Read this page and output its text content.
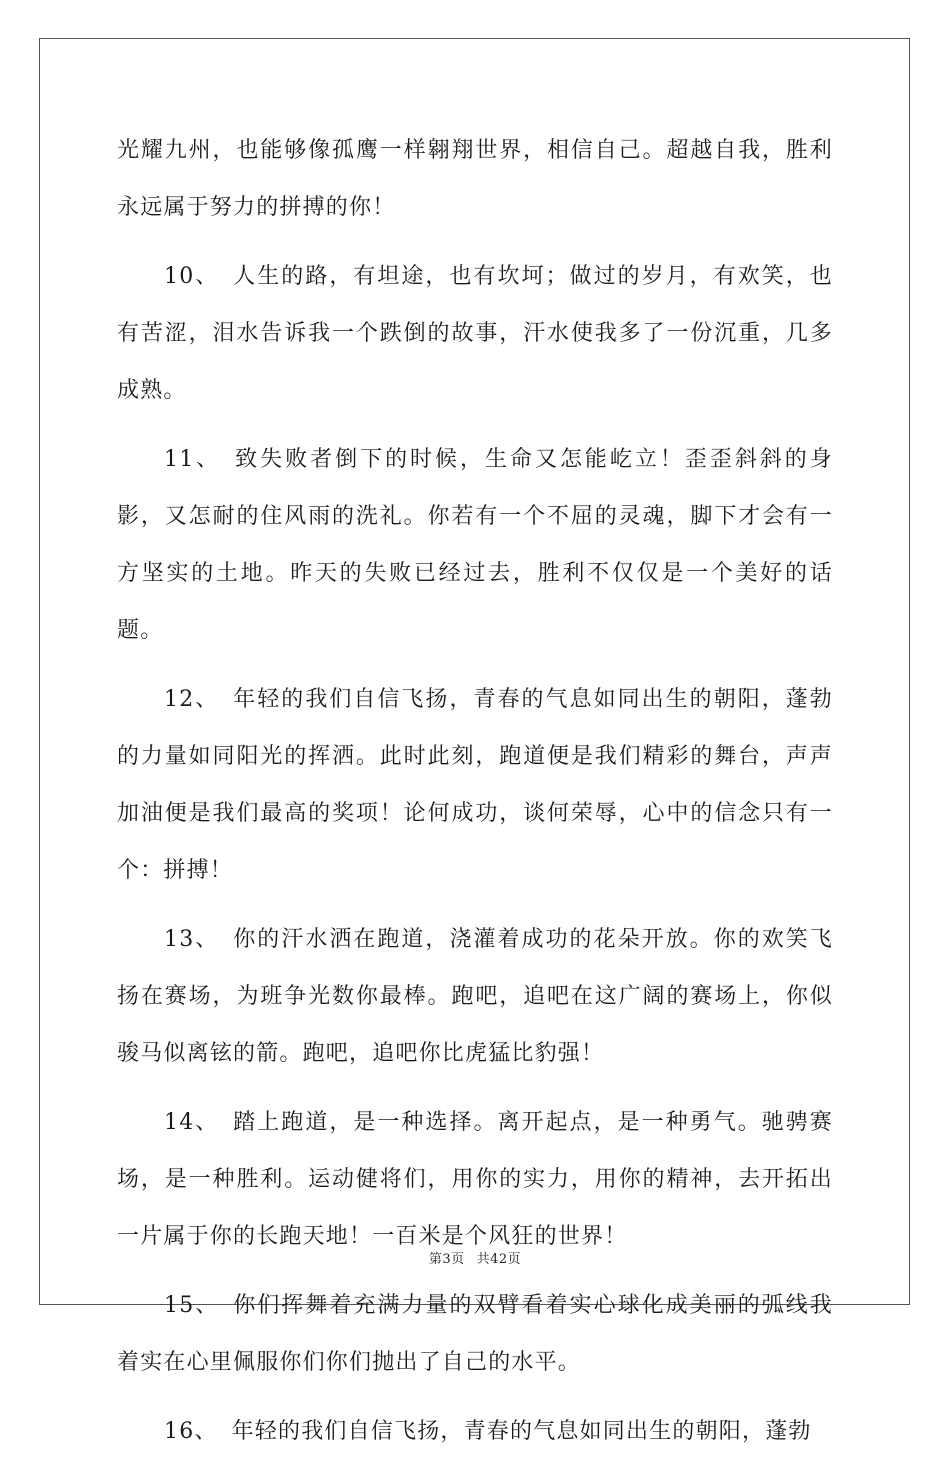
光耀九州，也能够像孤鹰一样翱翔世界，相信自己。超越自我，胜利永远属于努力的拼搏的你！

10、 人生的路，有坦途，也有坎坷；做过的岁月，有欢笑，也有苦涩，泪水告诉我一个跌倒的故事，汗水使我多了一份沉重，几多成熟。

11、 致失败者倒下的时候，生命又怎能屹立！歪歪斜斜的身影，又怎耐的住风雨的洗礼。你若有一个不屈的灵魂，脚下才会有一方坚实的土地。昨天的失败已经过去，胜利不仅仅是一个美好的话题。

12、 年轻的我们自信飞扬，青春的气息如同出生的朝阳，蓬勃的力量如同阳光的挥洒。此时此刻，跑道便是我们精彩的舞台，声声加油便是我们最高的奖项！论何成功，谈何荣辱，心中的信念只有一个：拼搏！

13、 你的汗水洒在跑道，浇灌着成功的花朵开放。你的欢笑飞扬在赛场，为班争光数你最棒。跑吧，追吧在这广阔的赛场上，你似骏马似离铉的箭。跑吧，追吧你比虎猛比豹强！

14、 踏上跑道，是一种选择。离开起点，是一种勇气。驰骋赛场，是一种胜利。运动健将们，用你的实力，用你的精神，去开拓出一片属于你的长跑天地！一百米是个风狂的世界！

15、 你们挥舞着充满力量的双臂看着实心球化成美丽的弧线我着实在心里佩服你们你们抛出了自己的水平。

16、 年轻的我们自信飞扬，青春的气息如同出生的朝阳，蓬勃

第3页 共42页
